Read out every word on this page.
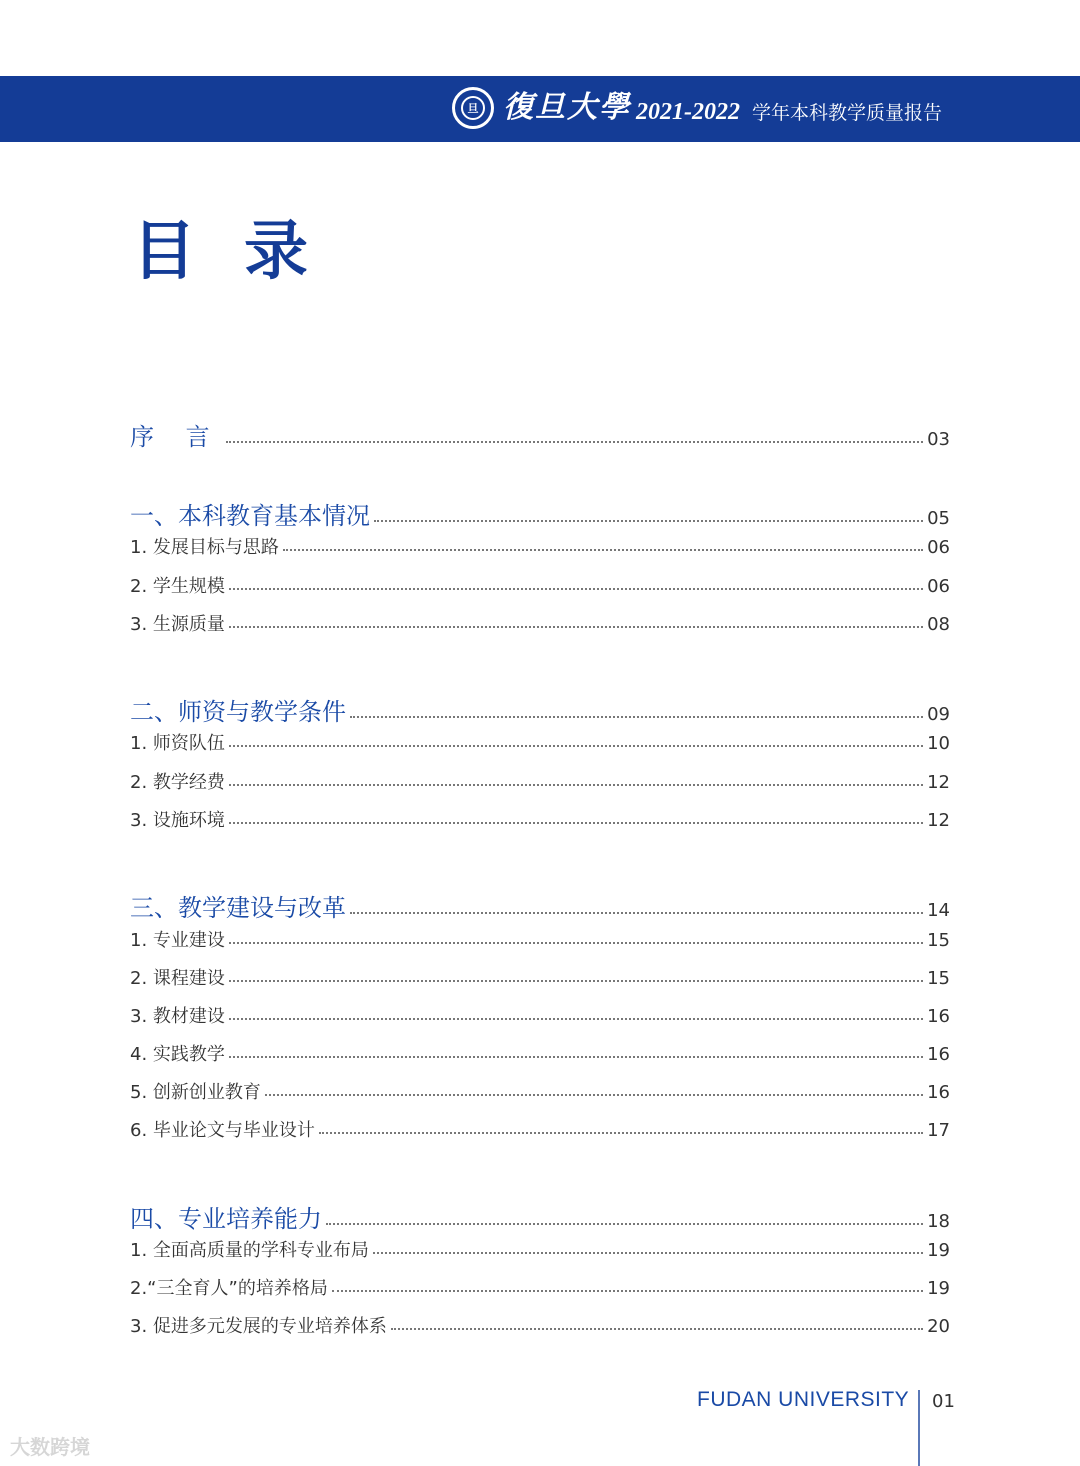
旦 復旦大學 2021-2022 学年本科教学质量报告
目录
序 言	03
一、本科教育基本情况	05
1. 发展目标与思路	06
2. 学生规模	06
3. 生源质量	08
二、师资与教学条件	09
1. 师资队伍	10
2. 教学经费	12
3. 设施环境	12
三、教学建设与改革	14
1. 专业建设	15
2. 课程建设	15
3. 教材建设	16
4. 实践教学	16
5. 创新创业教育	16
6. 毕业论文与毕业设计	17
四、专业培养能力	18
1. 全面高质量的学科专业布局	19
2.“三全育人”的培养格局	19
3. 促进多元发展的专业培养体系	20
FUDAN UNIVERSITY 01
大数跨境
